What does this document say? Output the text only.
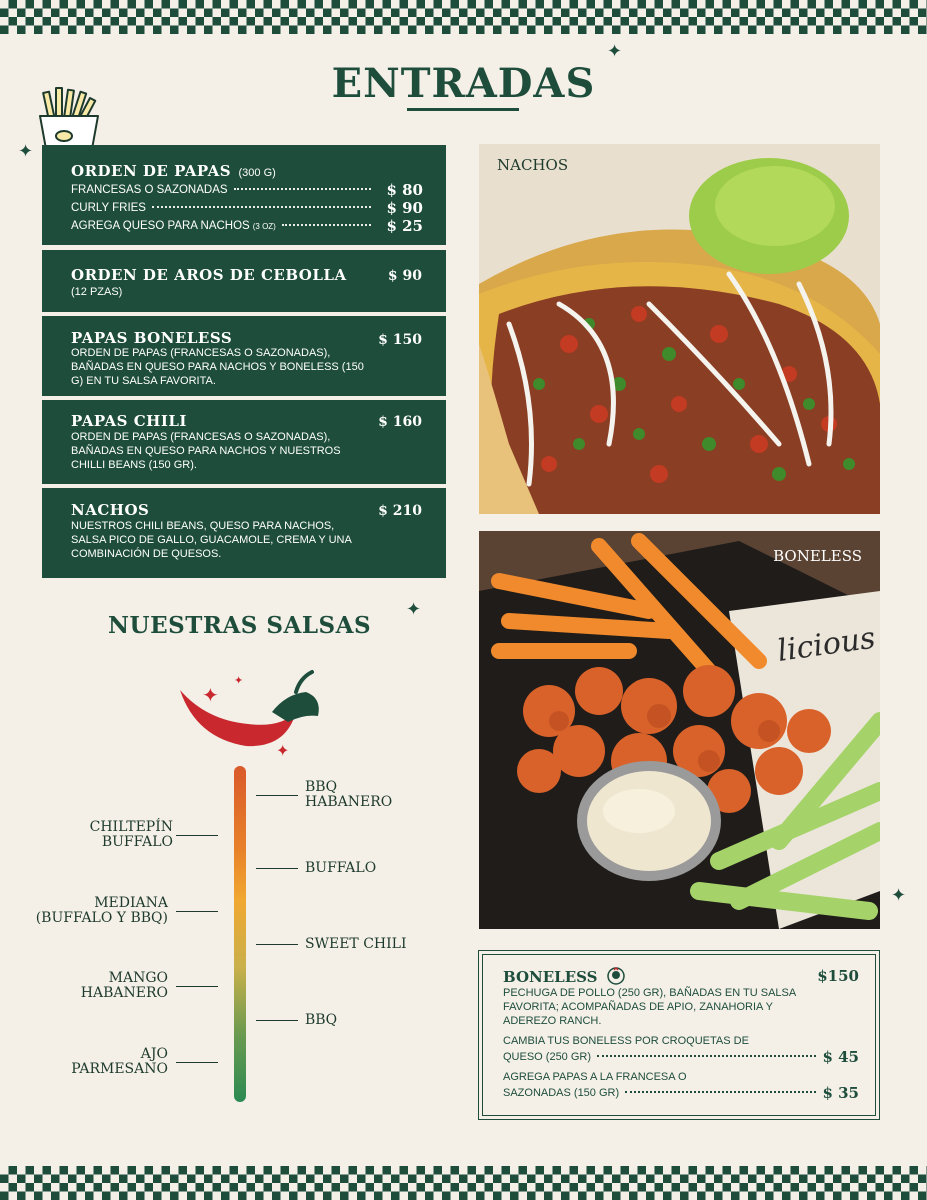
ENTRADAS
✦
✦
✦
✦
ORDEN DE PAPAS (300 G)
FRANCESAS O SAZONADAS	$ 80
CURLY FRIES	$ 90
AGREGA QUESO PARA NACHOS (3 OZ)	$ 25
ORDEN DE AROS DE CEBOLLA
(12 PZAS)
$ 90
PAPAS BONELESS
ORDEN DE PAPAS (FRANCESAS O SAZONADAS), BAÑADAS EN QUESO PARA NACHOS Y BONELESS (150 G) EN TU SALSA FAVORITA.
$ 150
PAPAS CHILI
ORDEN DE PAPAS (FRANCESAS O SAZONADAS), BAÑADAS EN QUESO PARA NACHOS Y NUESTROS CHILLI BEANS (150 GR).
$ 160
NACHOS
NUESTROS CHILI BEANS, QUESO PARA NACHOS, SALSA PICO DE GALLO, GUACAMOLE, CREMA Y UNA COMBINACIÓN DE QUESOS.
$ 210
NACHOS
licious
BONELESS
NUESTRAS SALSAS
✦
✦
✦
CHILTEPÍN
BUFFALO
MEDIANA
(BUFFALO Y BBQ)
MANGO
HABANERO
AJO
PARMESANO
BBQ
HABANERO
BUFFALO
SWEET CHILI
BBQ
BONELESS	$150
PECHUGA DE POLLO (250 GR), BAÑADAS EN TU SALSA FAVORITA; ACOMPAÑADAS DE APIO, ZANAHORIA Y ADEREZO RANCH.
CAMBIA TUS BONELESS POR CROQUETAS DE
QUESO (250 GR)	$ 45
AGREGA PAPAS A LA FRANCESA O
SAZONADAS (150 GR)	$ 35
